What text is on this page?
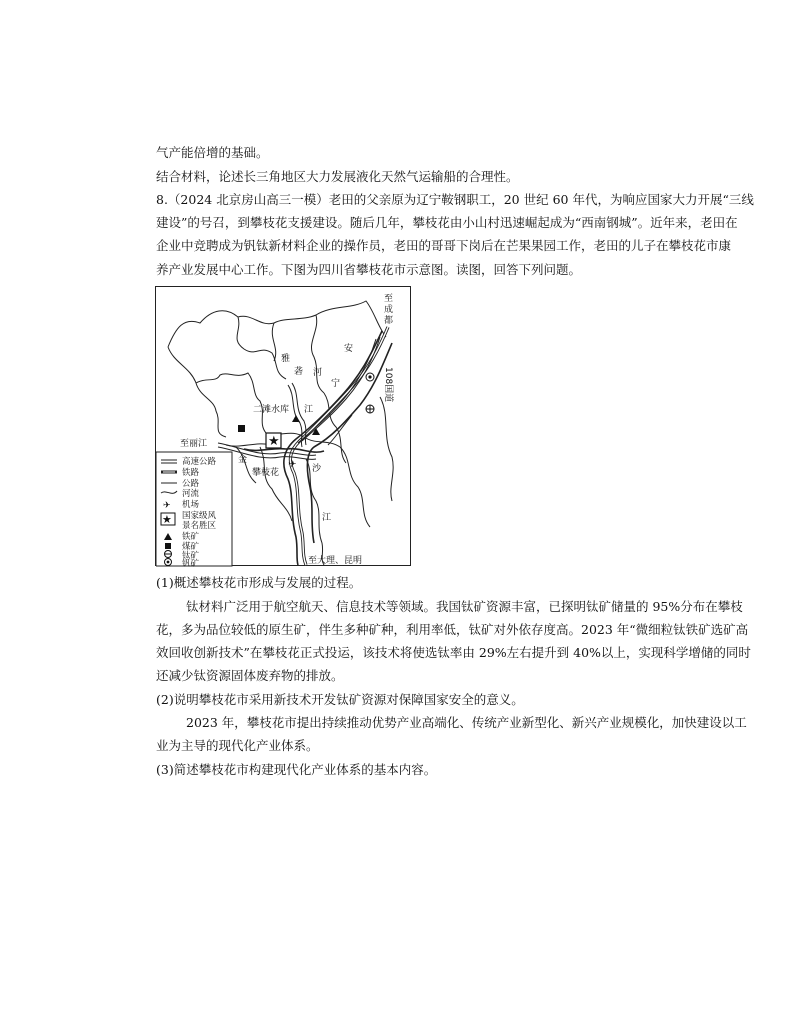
气产能倍增的基础。
结合材料，论述长三角地区大力发展液化天然气运输船的合理性。
8.（2024 北京房山高三一模）老田的父亲原为辽宁鞍钢职工，20 世纪 60 年代，为响应国家大力开展“三线
建设”的号召，到攀枝花支援建设。随后几年，攀枝花由小山村迅速崛起成为“西南钢城”。近年来，老田在
企业中竞聘成为钒钛新材料企业的操作员，老田的哥哥下岗后在芒果果园工作，老田的儿子在攀枝花市康
养产业发展中心工作。下图为四川省攀枝花市示意图。读图，回答下列问题。
至
成
都
安
宁
雅
砻 河
江
二滩水库
108国道
至丽江
金
沙
江
攀枝花
至大理、昆明
★
✈
✈
★
高速公路
铁路
公路
河流
机场
国家级风
景名胜区
铁矿
煤矿
钛矿
钒矿
(1)概述攀枝花市形成与发展的过程。
钛材料广泛用于航空航天、信息技术等领域。我国钛矿资源丰富，已探明钛矿储量的 95%分布在攀枝
花，多为品位较低的原生矿，伴生多种矿种，利用率低，钛矿对外依存度高。2023 年“微细粒钛铁矿选矿高
效回收创新技术”在攀枝花正式投运，该技术将使选钛率由 29%左右提升到 40%以上，实现科学增储的同时
还减少钛资源固体废弃物的排放。
(2)说明攀枝花市采用新技术开发钛矿资源对保障国家安全的意义。
2023 年，攀枝花市提出持续推动优势产业高端化、传统产业新型化、新兴产业规模化，加快建设以工
业为主导的现代化产业体系。
(3)简述攀枝花市构建现代化产业体系的基本内容。
